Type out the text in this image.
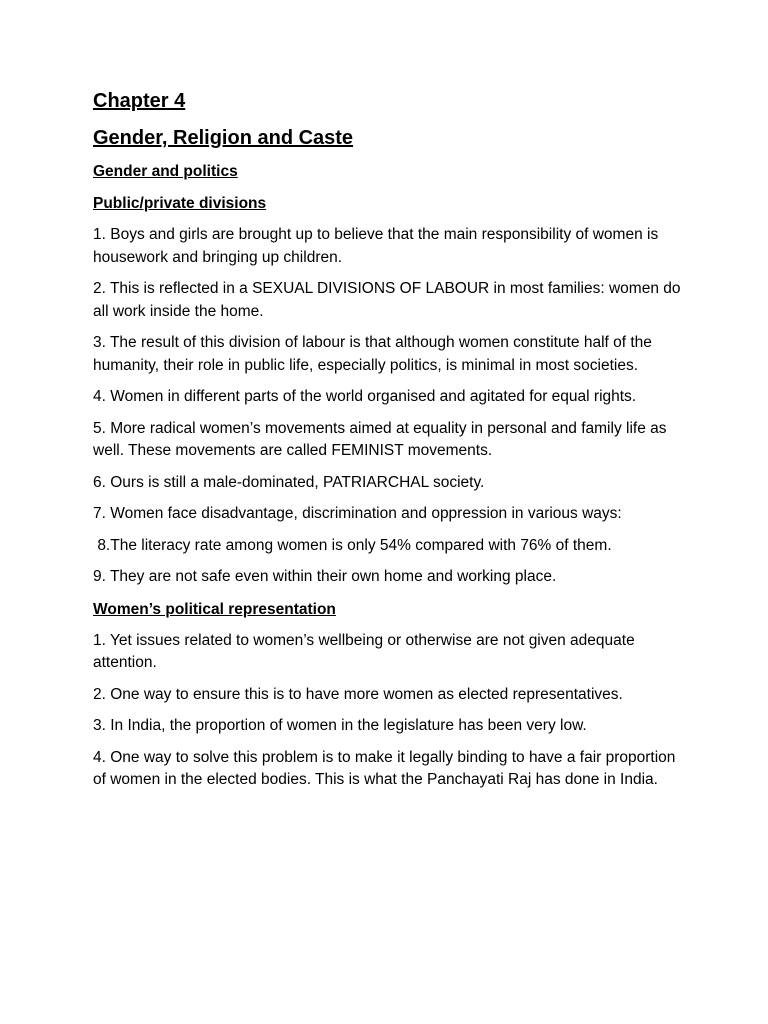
Chapter 4
Gender, Religion and Caste
Gender and politics
Public/private divisions

1. Boys and girls are brought up to believe that the main responsibility of women is housework and bringing up children.

2. This is reflected in a SEXUAL DIVISIONS OF LABOUR in most families: women do all work inside the home.

3. The result of this division of labour is that although women constitute half of the humanity, their role in public life, especially politics, is minimal in most societies.

4. Women in different parts of the world organised and agitated for equal rights.

5. More radical women’s movements aimed at equality in personal and family life as well. These movements are called FEMINIST movements.

6. Ours is still a male-dominated, PATRIARCHAL society.

7. Women face disadvantage, discrimination and oppression in various ways:

8.The literacy rate among women is only 54% compared with 76% of them.

9. They are not safe even within their own home and working place.

Women’s political representation

1. Yet issues related to women’s wellbeing or otherwise are not given adequate attention.

2. One way to ensure this is to have more women as elected representatives.

3. In India, the proportion of women in the legislature has been very low.

4. One way to solve this problem is to make it legally binding to have a fair proportion of women in the elected bodies. This is what the Panchayati Raj has done in India.
